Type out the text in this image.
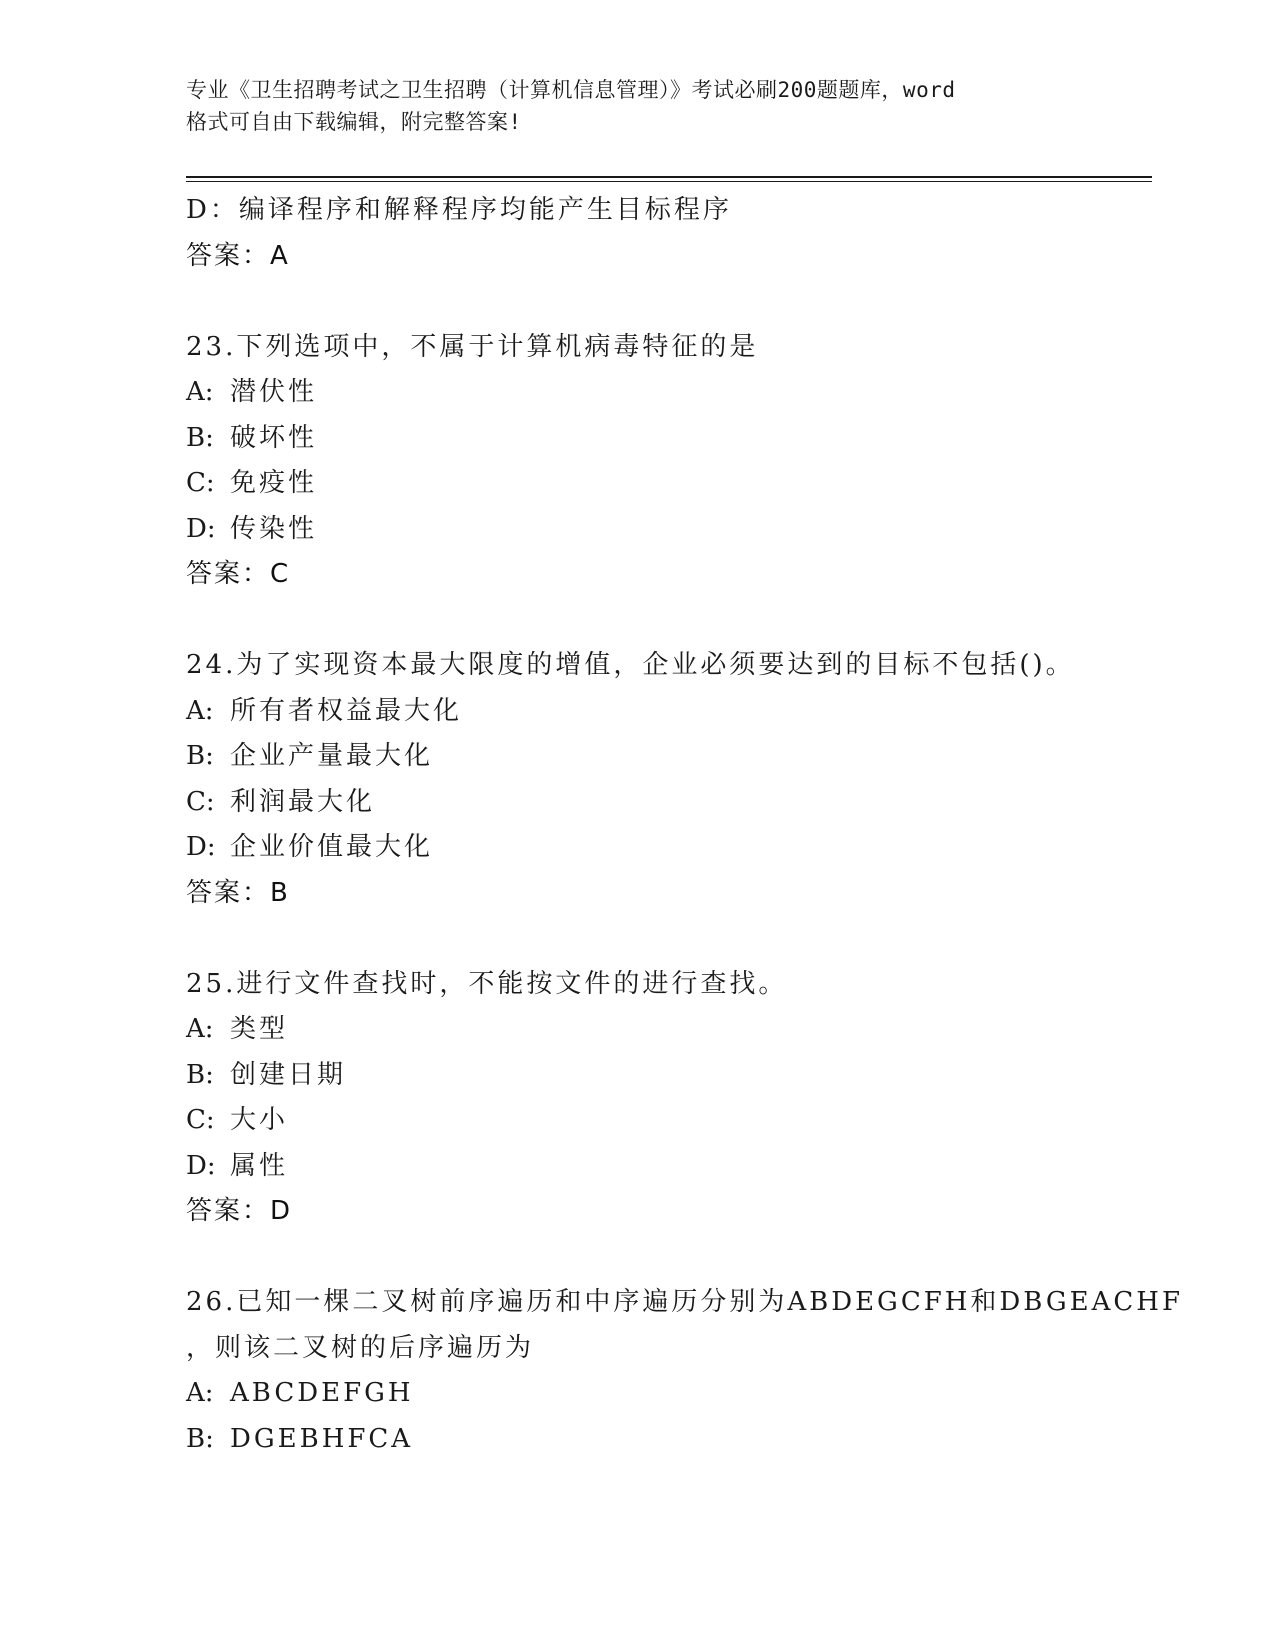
专业《卫生招聘考试之卫生招聘（计算机信息管理）》考试必刷200题题库，word
格式可自由下载编辑，附完整答案!
D：编译程序和解释程序均能产生目标程序
答案：A
23.下列选项中，不属于计算机病毒特征的是
A: 潜伏性
B: 破坏性
C: 免疫性
D: 传染性
答案：C
24.为了实现资本最大限度的增值，企业必须要达到的目标不包括()。
A: 所有者权益最大化
B: 企业产量最大化
C: 利润最大化
D: 企业价值最大化
答案：B
25.进行文件查找时，不能按文件的进行查找。
A: 类型
B: 创建日期
C: 大小
D: 属性
答案：D
26.已知一棵二叉树前序遍历和中序遍历分别为ABDEGCFH和DBGEACHF
，则该二叉树的后序遍历为
A: ABCDEFGH
B: DGEBHFCA
